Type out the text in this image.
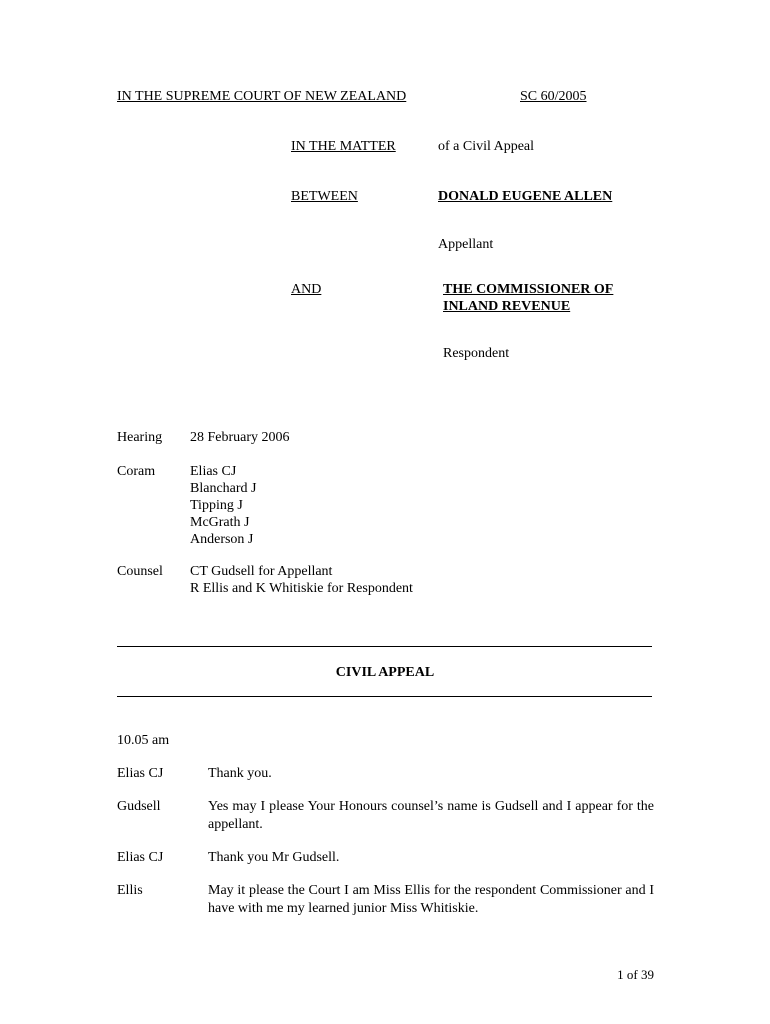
IN THE SUPREME COURT OF NEW ZEALAND	SC 60/2005
IN THE MATTER	of a Civil Appeal
BETWEEN	DONALD EUGENE ALLEN
Appellant
AND	THE COMMISSIONER OF
INLAND REVENUE
Respondent
Hearing 28 February 2006
Coram Elias CJ
Blanchard J
Tipping J
McGrath J
Anderson J
Counsel CT Gudsell for Appellant
R Ellis and K Whitiskie for Respondent
CIVIL APPEAL
10.05 am
Elias CJ	Thank you.
Gudsell	Yes may I please Your Honours counsel’s name is Gudsell and I appear for the appellant.
Elias CJ	Thank you Mr Gudsell.
Ellis	May it please the Court I am Miss Ellis for the respondent Commissioner and I have with me my learned junior Miss Whitiskie.
1 of 39
